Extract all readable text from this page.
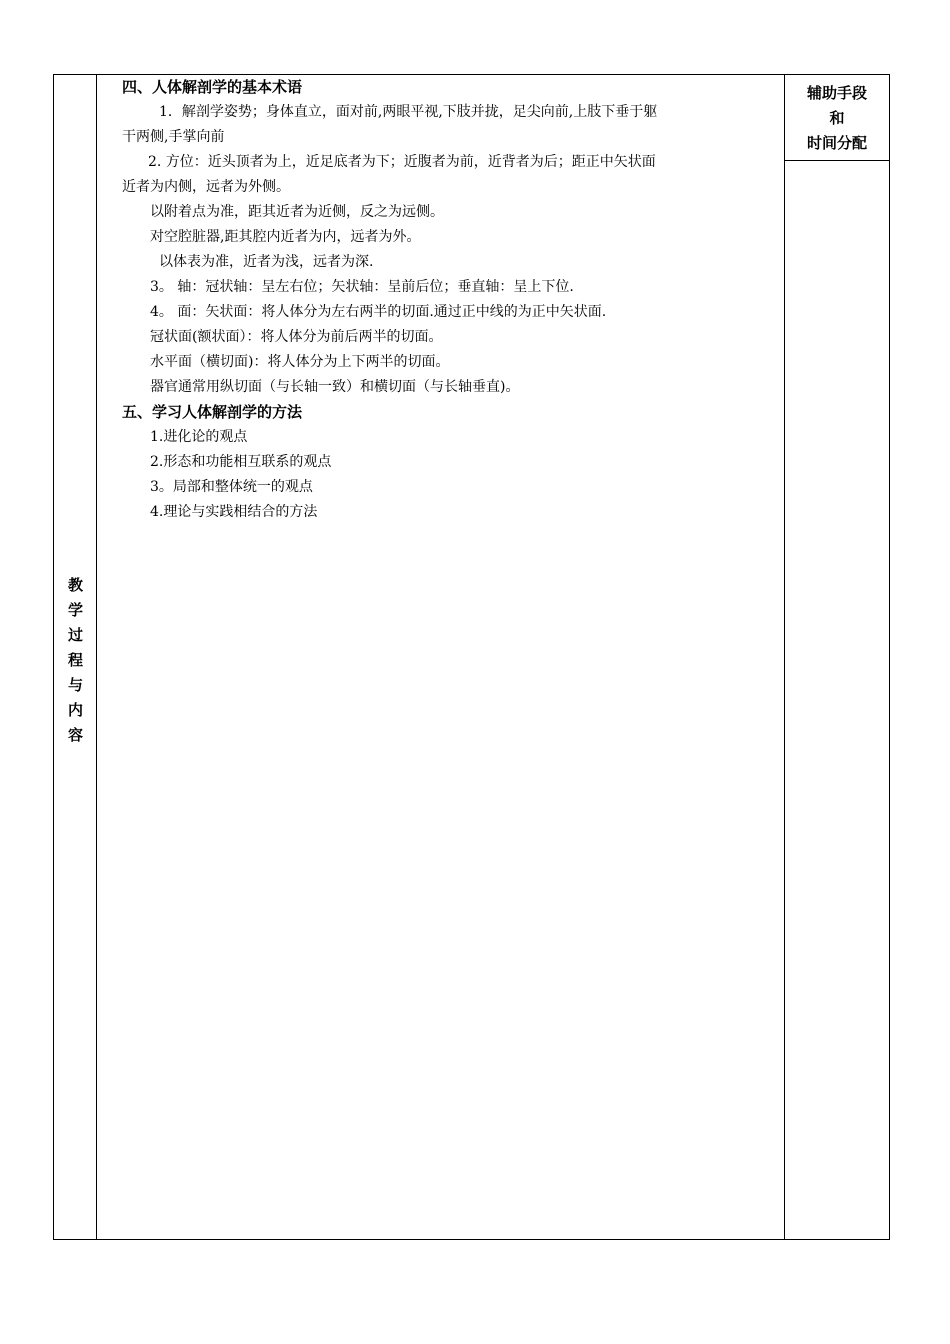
教
学
过
程
与
内
容
四、人体解剖学的基本术语
1．解剖学姿势；身体直立，面对前,两眼平视,下肢并拢，足尖向前,上肢下垂于躯
干两侧,手掌向前
2. 方位：近头顶者为上，近足底者为下；近腹者为前，近背者为后；距正中矢状面
近者为内侧，远者为外侧。
以附着点为准，距其近者为近侧，反之为远侧。
对空腔脏器,距其腔内近者为内，远者为外。
以体表为准，近者为浅，远者为深.
3。 轴：冠状轴：呈左右位；矢状轴：呈前后位；垂直轴：呈上下位.
4。 面：矢状面：将人体分为左右两半的切面.通过正中线的为正中矢状面.
冠状面(额状面）：将人体分为前后两半的切面。
水平面（横切面)：将人体分为上下两半的切面。
器官通常用纵切面（与长轴一致）和横切面（与长轴垂直)。
五、学习人体解剖学的方法
1.进化论的观点
2.形态和功能相互联系的观点
3。局部和整体统一的观点
4.理论与实践相结合的方法
辅助手段
和
时间分配
